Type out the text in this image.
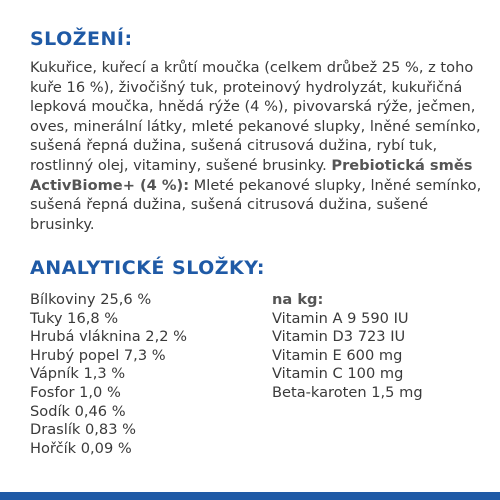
SLOŽENÍ:

Kukuřice, kuřecí a krůtí moučka (celkem drůbež 25 %, z toho kuře 16 %), živočišný tuk, proteinový hydrolyzát, kukuřičná lepková moučka, hnědá rýže (4 %), pivovarská rýže, ječmen, oves, minerální látky, mleté pekanové slupky, lněné semínko, sušená řepná dužina, sušená citrusová dužina, rybí tuk, rostlinný olej, vitaminy, sušené brusinky. Prebiotická směs ActivBiome+ (4 %): Mleté pekanové slupky, lněné semínko, sušená řepná dužina, sušená citrusová dužina, sušené brusinky.

ANALYTICKÉ SLOŽKY:
Bílkoviny 25,6 %
Tuky 16,8 %
Hrubá vláknina 2,2 %
Hrubý popel 7,3 %
Vápník 1,3 %
Fosfor 1,0 %
Sodík 0,46 %
Draslík 0,83 %
Hořčík 0,09 %
na kg:
Vitamin A 9 590 IU
Vitamin D3 723 IU
Vitamin E 600 mg
Vitamin C 100 mg
Beta-karoten 1,5 mg
